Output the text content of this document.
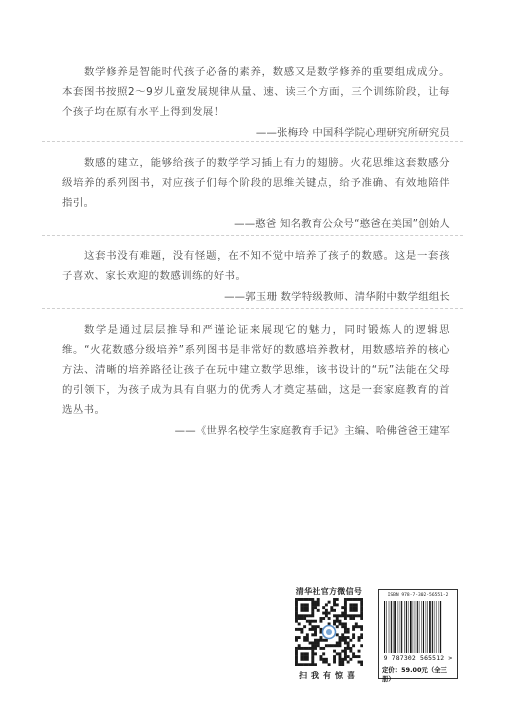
数学修养是智能时代孩子必备的素养，数感又是数学修养的重要组成成分。本套图书按照2～9岁儿童发展规律从量、速、读三个方面，三个训练阶段，让每个孩子均在原有水平上得到发展！
——张梅玲 中国科学院心理研究所研究员
数感的建立，能够给孩子的数学学习插上有力的翅膀。火花思维这套数感分级培养的系列图书，对应孩子们每个阶段的思维关键点，给予准确、有效地陪伴指引。
——憨爸 知名教育公众号“憨爸在美国”创始人
这套书没有难题，没有怪题，在不知不觉中培养了孩子的数感。这是一套孩子喜欢、家长欢迎的数感训练的好书。
——郭玉珊 数学特级教师、清华附中数学组组长
数学是通过层层推导和严谨论证来展现它的魅力，同时锻炼人的逻辑思维。“火花数感分级培养”系列图书是非常好的数感培养教材，用数感培养的核心方法、清晰的培养路径让孩子在玩中建立数学思维，该书设计的“玩”法能在父母的引领下，为孩子成为具有自驱力的优秀人才奠定基础，这是一套家庭教育的首选丛书。
——《世界名校学生家庭教育手记》主编、哈佛爸爸王建军
清华社官方微信号
扫我有惊喜
ISBN 978-7-302-56551-2
9 787302 565512 >
定价：59.00元（全三册）
